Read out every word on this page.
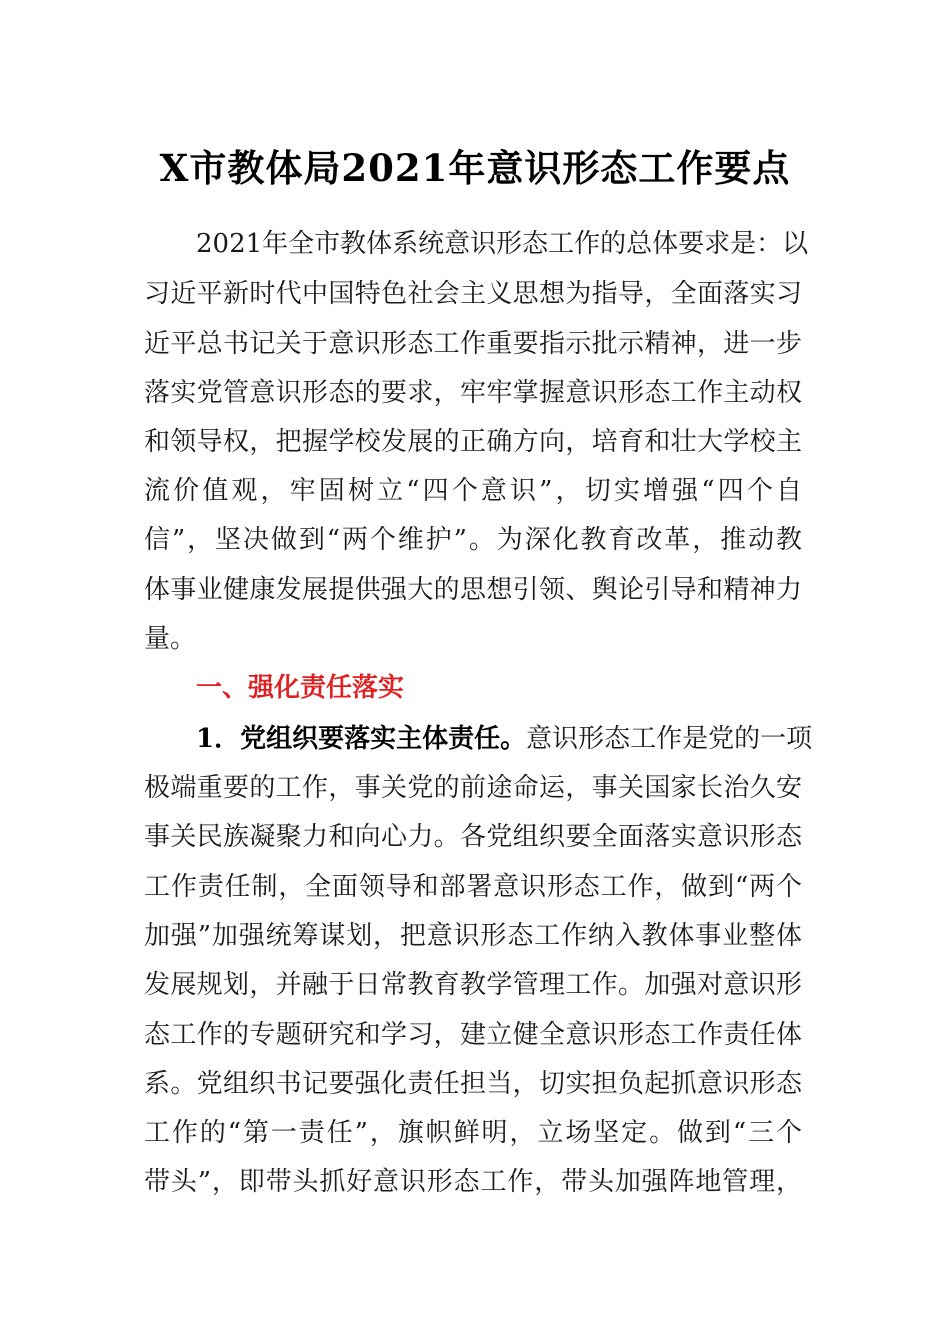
X市教体局2021年意识形态工作要点

2021年全市教体系统意识形态工作的总体要求是：以

习近平新时代中国特色社会主义思想为指导，全面落实习

近平总书记关于意识形态工作重要指示批示精神，进一步

落实党管意识形态的要求，牢牢掌握意识形态工作主动权

和领导权，把握学校发展的正确方向，培育和壮大学校主

流价值观，牢固树立“四个意识”，切实增强“四个自

信”，坚决做到“两个维护”。为深化教育改革，推动教

体事业健康发展提供强大的思想引领、舆论引导和精神力

量。

一、强化责任落实

1．党组织要落实主体责任。意识形态工作是党的一项

极端重要的工作，事关党的前途命运，事关国家长治久安

事关民族凝聚力和向心力。各党组织要全面落实意识形态

工作责任制，全面领导和部署意识形态工作，做到“两个

加强”加强统筹谋划，把意识形态工作纳入教体事业整体

发展规划，并融于日常教育教学管理工作。加强对意识形

态工作的专题研究和学习，建立健全意识形态工作责任体

系。党组织书记要强化责任担当，切实担负起抓意识形态

工作的“第一责任”，旗帜鲜明，立场坚定。做到“三个

带头”，即带头抓好意识形态工作，带头加强阵地管理，
